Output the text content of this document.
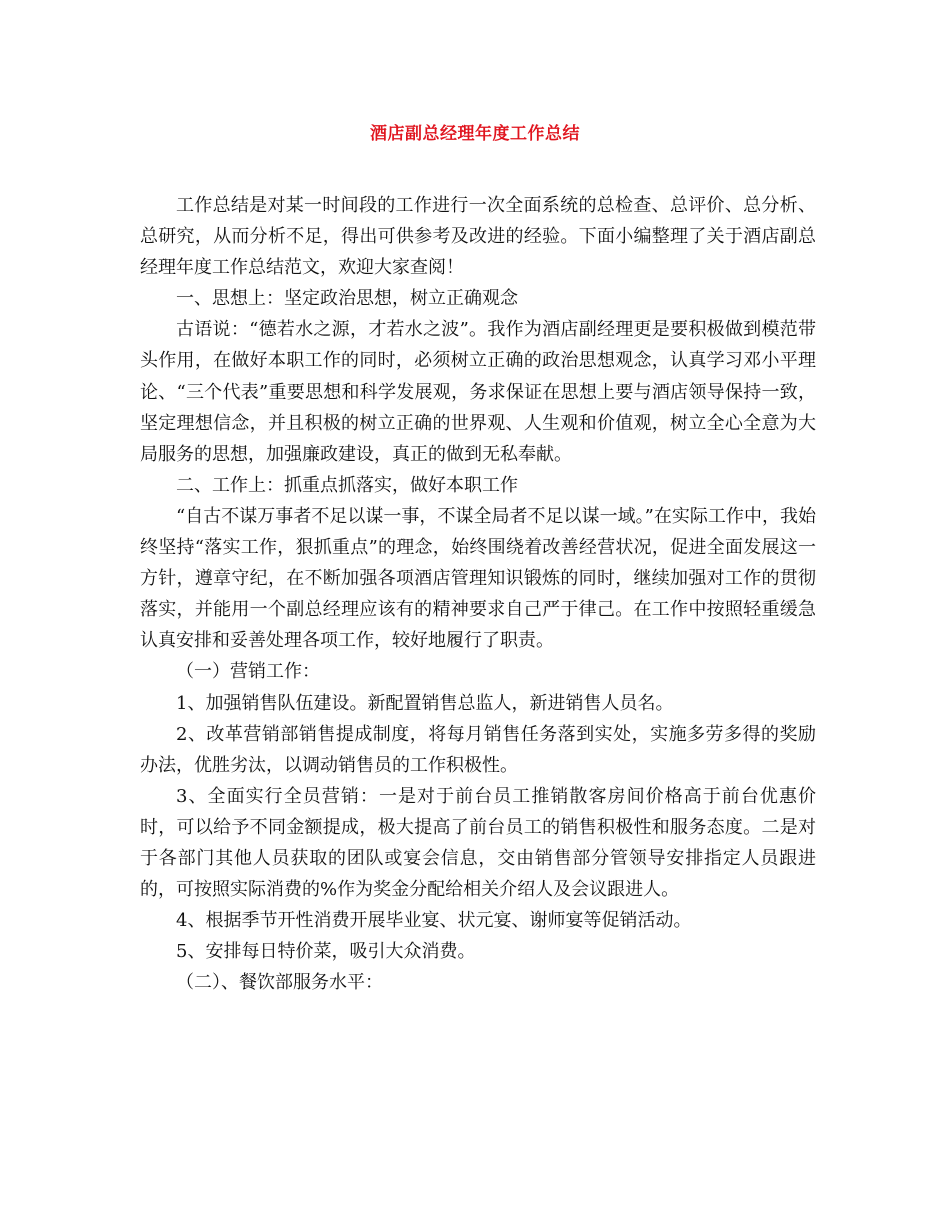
酒店副总经理年度工作总结

工作总结是对某一时间段的工作进行一次全面系统的总检查、总评价、总分析、总研究，从而分析不足，得出可供参考及改进的经验。下面小编整理了关于酒店副总经理年度工作总结范文，欢迎大家查阅！

一、思想上：坚定政治思想，树立正确观念

古语说：“德若水之源，才若水之波”。我作为酒店副经理更是要积极做到模范带头作用，在做好本职工作的同时，必须树立正确的政治思想观念，认真学习邓小平理论、“三个代表”重要思想和科学发展观，务求保证在思想上要与酒店领导保持一致，坚定理想信念，并且积极的树立正确的世界观、人生观和价值观，树立全心全意为大局服务的思想，加强廉政建设，真正的做到无私奉献。

二、工作上：抓重点抓落实，做好本职工作

“自古不谋万事者不足以谋一事，不谋全局者不足以谋一域。”在实际工作中，我始终坚持“落实工作，狠抓重点”的理念，始终围绕着改善经营状况，促进全面发展这一方针，遵章守纪，在不断加强各项酒店管理知识锻炼的同时，继续加强对工作的贯彻落实，并能用一个副总经理应该有的精神要求自己严于律己。在工作中按照轻重缓急认真安排和妥善处理各项工作，较好地履行了职责。

（一）营销工作：

1、加强销售队伍建设。新配置销售总监人，新进销售人员名。

2、改革营销部销售提成制度，将每月销售任务落到实处，实施多劳多得的奖励办法，优胜劣汰，以调动销售员的工作积极性。

3、全面实行全员营销：一是对于前台员工推销散客房间价格高于前台优惠价时，可以给予不同金额提成，极大提高了前台员工的销售积极性和服务态度。二是对于各部门其他人员获取的团队或宴会信息，交由销售部分管领导安排指定人员跟进的，可按照实际消费的%作为奖金分配给相关介绍人及会议跟进人。

4、根据季节开性消费开展毕业宴、状元宴、谢师宴等促销活动。

5、安排每日特价菜，吸引大众消费。

（二）、餐饮部服务水平：
